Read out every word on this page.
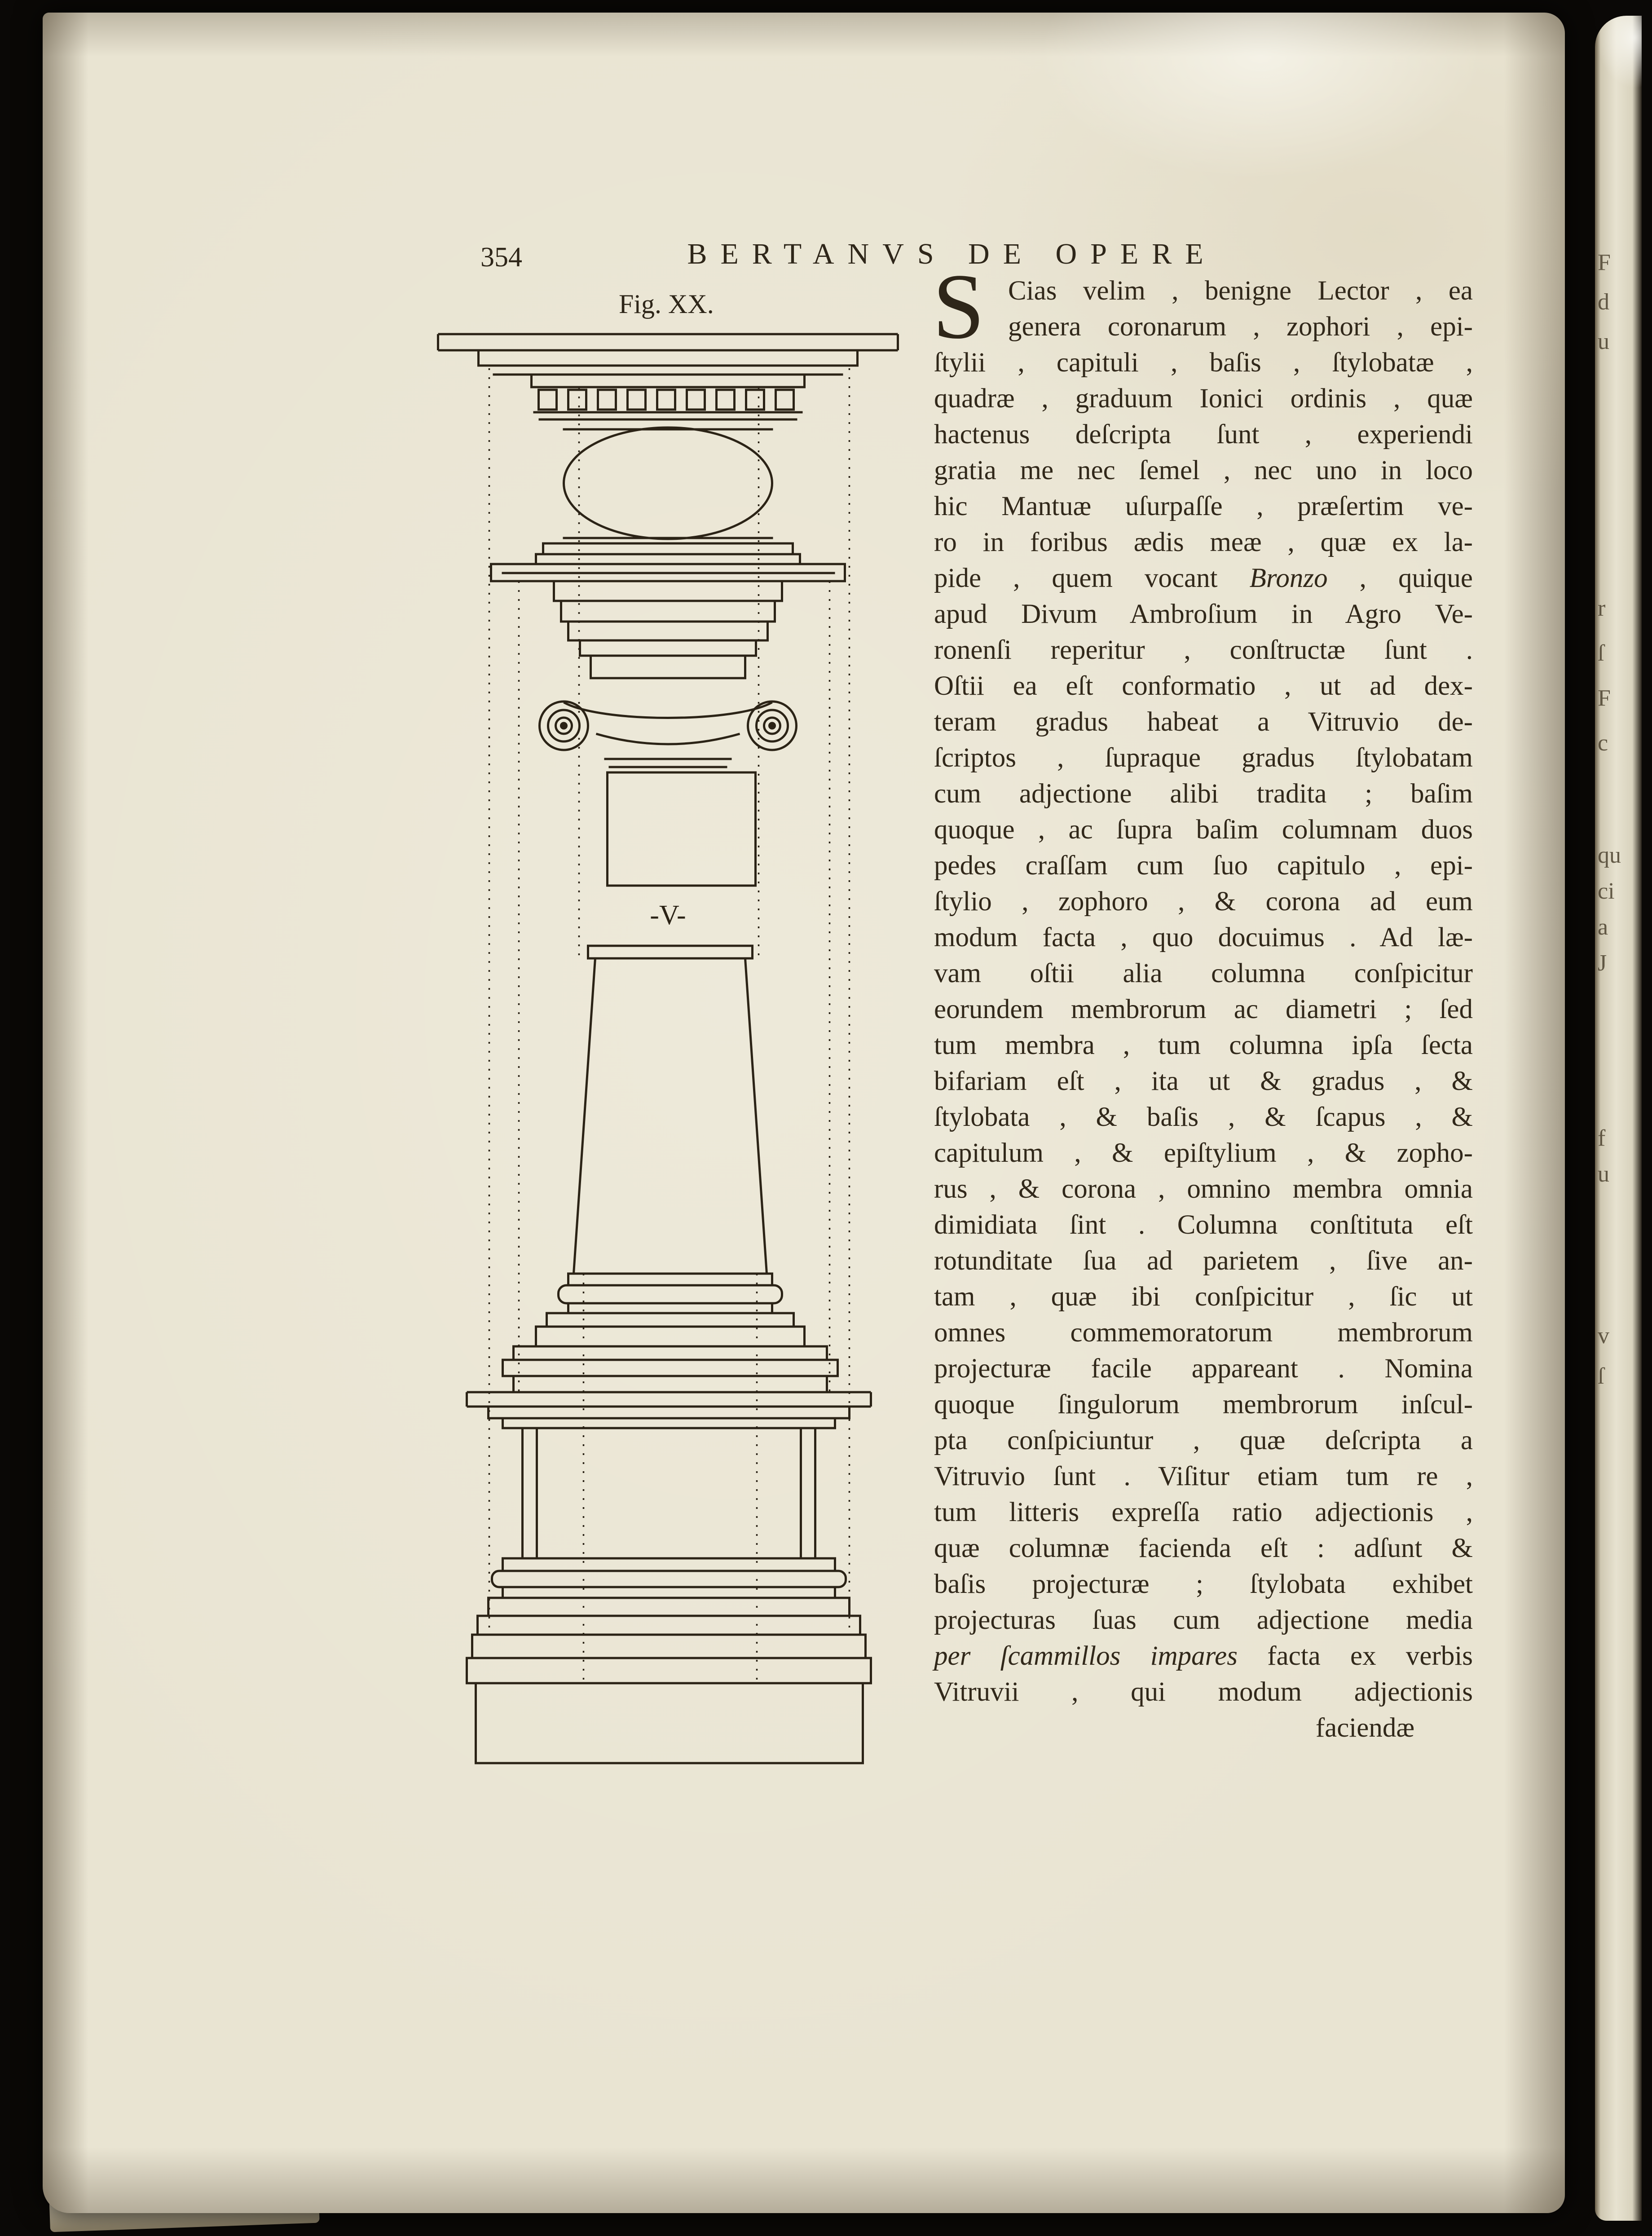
354	BERTANVS DE OPERE
Fig. XX.
-V-
S Cias velim , benigne Lector , ea
genera coronarum , zophori , epi-
ſtylii , capituli , baſis , ſtylobatæ ,
quadræ , graduum Ionici ordinis , quæ
hactenus deſcripta ſunt , experiendi
gratia me nec ſemel , nec uno in loco
hic Mantuæ uſurpaſſe , præſertim ve-
ro in foribus ædis meæ , quæ ex la-
pide , quem vocant Bronzo , quique
apud Divum Ambroſium in Agro Ve-
ronenſi reperitur , conſtructæ ſunt .
Oſtii ea eſt conformatio , ut ad dex-
teram gradus habeat a Vitruvio de-
ſcriptos , ſupraque gradus ſtylobatam
cum adjectione alibi tradita ; baſim
quoque , ac ſupra baſim columnam duos
pedes craſſam cum ſuo capitulo , epi-
ſtylio , zophoro , & corona ad eum
modum facta , quo docuimus . Ad læ-
vam oſtii alia columna conſpicitur
eorundem membrorum ac diametri ; ſed
tum membra , tum columna ipſa ſecta
bifariam eſt , ita ut & gradus , &
ſtylobata , & baſis , & ſcapus , &
capitulum , & epiſtylium , & zopho-
rus , & corona , omnino membra omnia
dimidiata ſint . Columna conſtituta eſt
rotunditate ſua ad parietem , ſive an-
tam , quæ ibi conſpicitur , ſic ut
omnes commemoratorum membrorum
projecturæ facile appareant . Nomina
quoque ſingulorum membrorum inſcul-
pta conſpiciuntur , quæ deſcripta a
Vitruvio ſunt . Viſitur etiam tum re ,
tum litteris expreſſa ratio adjectionis ,
quæ columnæ facienda eſt : adſunt &
baſis projecturæ ; ſtylobata exhibet
projecturas ſuas cum adjectione media
per ſcammillos impares facta ex verbis
Vitruvii , qui modum adjectionis
faciendæ
F
d
u
r
ſ
F
c
qu
ci
a
J
f
u
v
ſ
